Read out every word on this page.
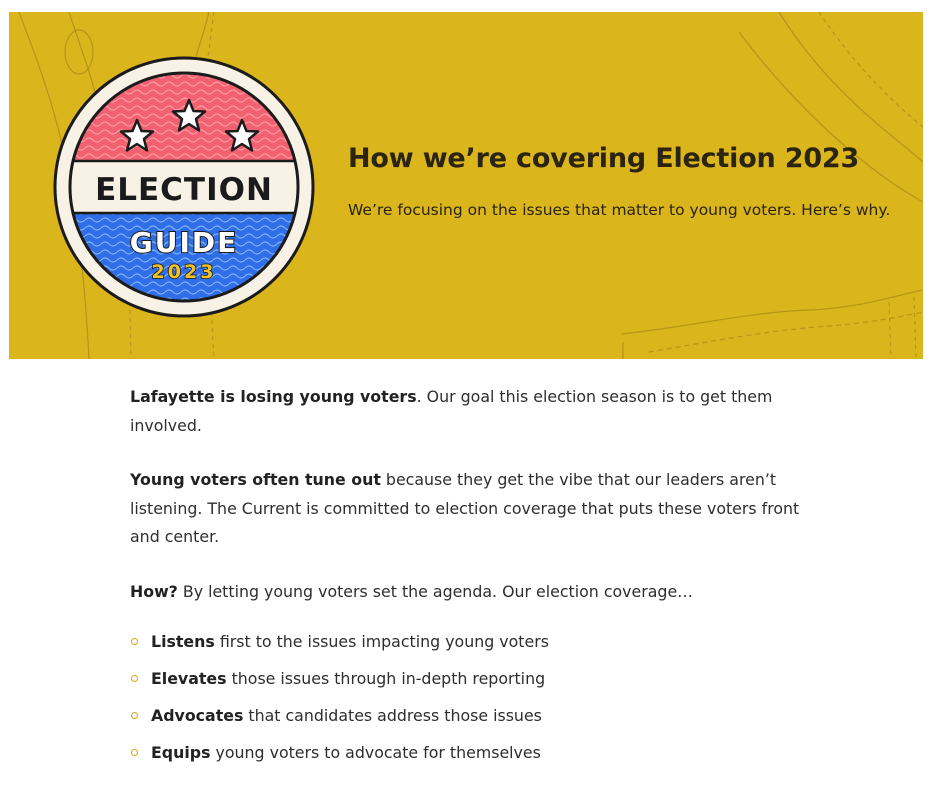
ELECTION
GUIDE
2023
How we’re covering Election 2023

We’re focusing on the issues that matter to young voters. Here’s why.

Lafayette is losing young voters. Our goal this election season is to get them involved.

Young voters often tune out because they get the vibe that our leaders aren’t listening. The Current is committed to election coverage that puts these voters front and center.

How? By letting young voters set the agenda. Our election coverage…

Listens first to the issues impacting young voters
Elevates those issues through in-depth reporting
Advocates that candidates address those issues
Equips young voters to advocate for themselves
